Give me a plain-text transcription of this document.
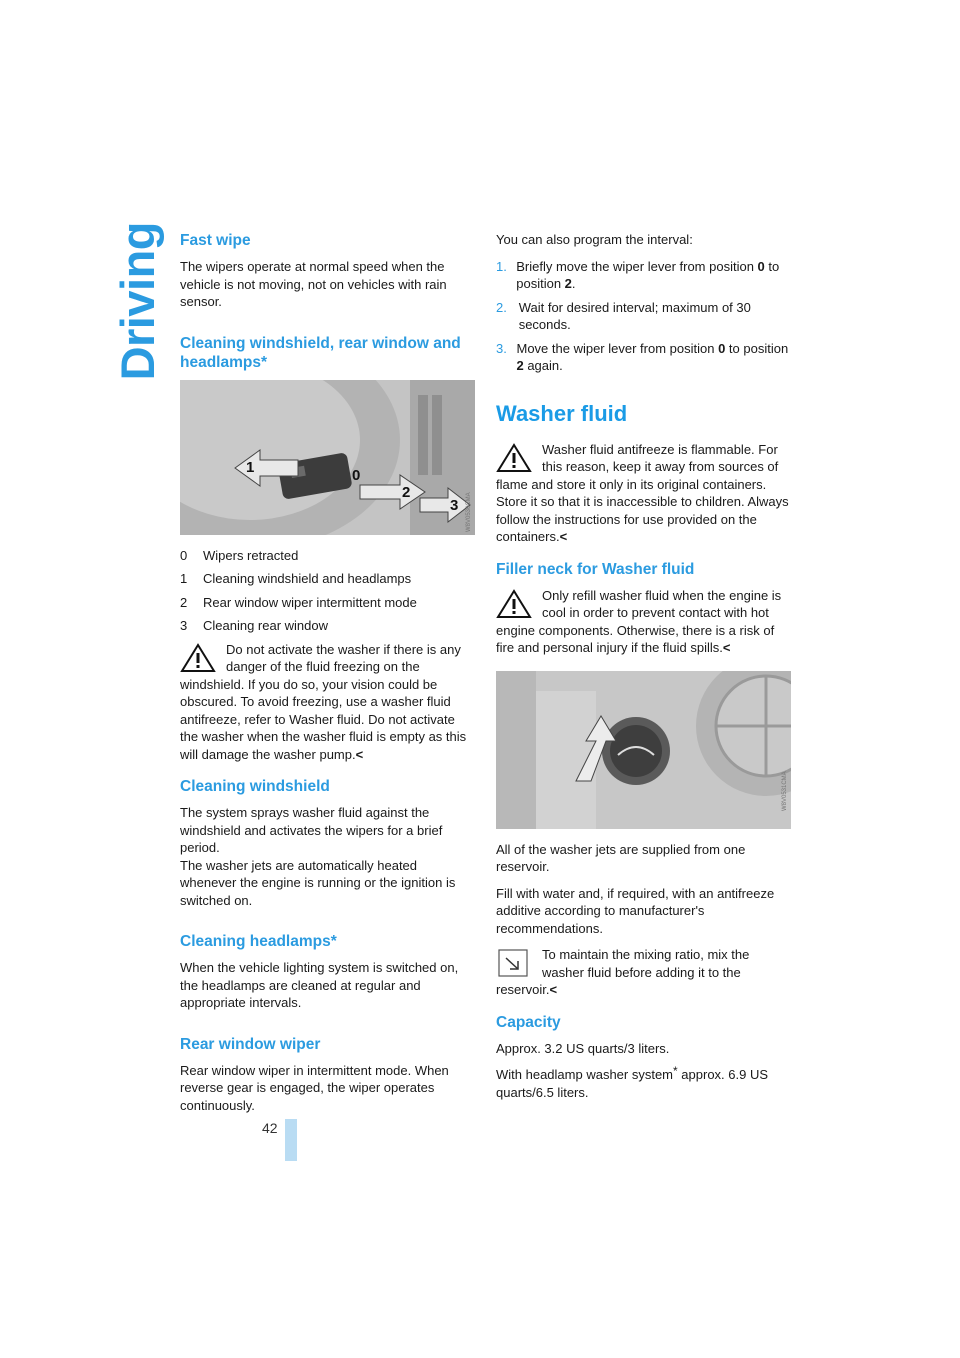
Driving
42
Fast wipe

The wipers operate at normal speed when the vehicle is not moving, not on vehicles with rain sensor.

Cleaning windshield, rear window and headlamps*
1	0
2
3 W8V0530CMA
0	Wipers retracted
1	Cleaning windshield and headlamps
2	Rear window wiper intermittent mode
3	Cleaning rear window
Do not activate the washer if there is any danger of the fluid freezing on the windshield. If you do so, your vision could be obscured. To avoid freezing, use a washer fluid antifreeze, refer to Washer fluid. Do not activate the washer when the washer fluid is empty as this will damage the washer pump.<
Cleaning windshield

The system sprays washer fluid against the windshield and activates the wipers for a brief period.

The washer jets are automatically heated whenever the engine is running or the ignition is switched on.

Cleaning headlamps*

When the vehicle lighting system is switched on, the headlamps are cleaned at regular and appropriate intervals.

Rear window wiper

Rear window wiper in intermittent mode. When reverse gear is engaged, the wiper operates continuously.

You can also program the interval:

1. Briefly move the wiper lever from position 0 to position 2.
2. Wait for desired interval; maximum of 30 seconds.
3. Move the wiper lever from position 0 to position 2 again.
Washer fluid
Washer fluid antifreeze is flammable. For this reason, keep it away from sources of flame and store it only in its original containers. Store it so that it is inaccessible to children. Always follow the instructions for use provided on the containers.<
Filler neck for Washer fluid
Only refill washer fluid when the engine is cool in order to prevent contact with hot engine components. Otherwise, there is a risk of fire and personal injury if the fluid spills.<
W8V0531CMA

All of the washer jets are supplied from one reservoir.

Fill with water and, if required, with an antifreeze additive according to manufacturer's recommendations.

To maintain the mixing ratio, mix the washer fluid before adding it to the reservoir.<
Capacity

Approx. 3.2 US quarts/3 liters.

With headlamp washer system* approx. 6.9 US quarts/6.5 liters.
